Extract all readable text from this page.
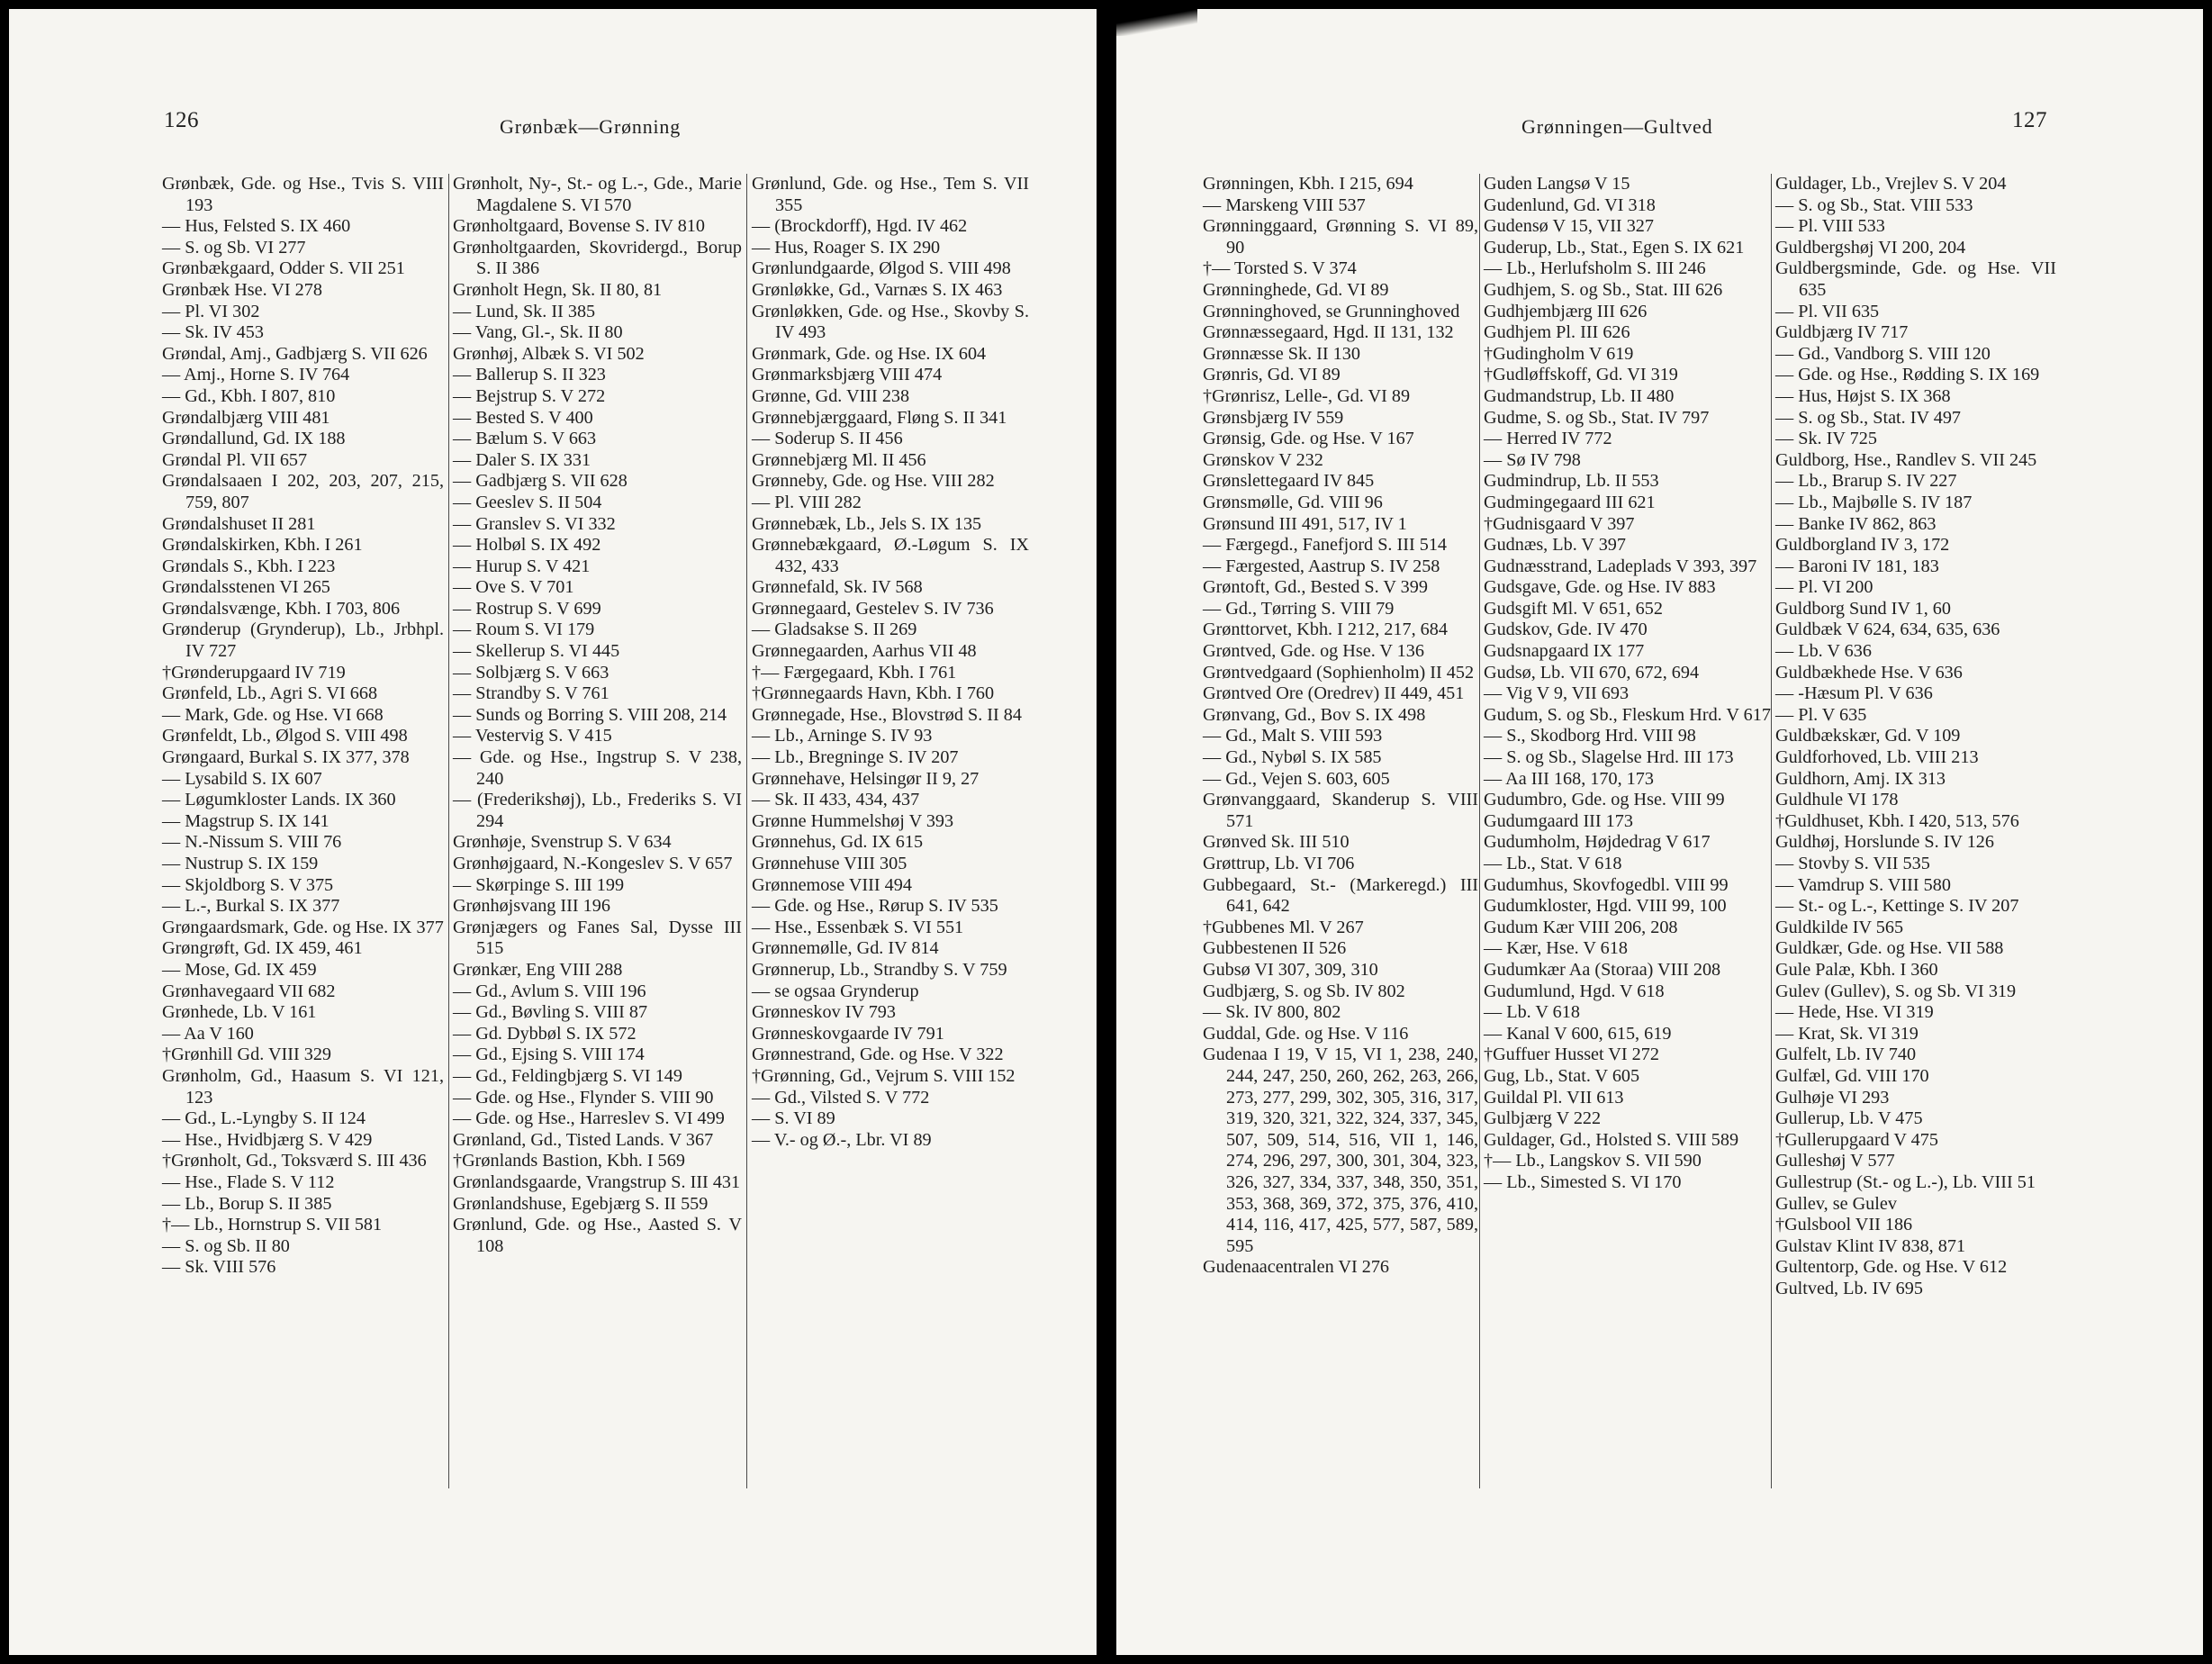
126	Grønbæk—Grønning
Grønbæk, Gde. og Hse., Tvis S. VIII 193
— Hus, Felsted S. IX 460
— S. og Sb. VI 277
Grønbækgaard, Odder S. VII 251
Grønbæk Hse. VI 278
— Pl. VI 302
— Sk. IV 453
Grøndal, Amj., Gadbjærg S. VII 626
— Amj., Horne S. IV 764
— Gd., Kbh. I 807, 810
Grøndalbjærg VIII 481
Grøndallund, Gd. IX 188
Grøndal Pl. VII 657
Grøndalsaaen I 202, 203, 207, 215, 759, 807
Grøndalshuset II 281
Grøndalskirken, Kbh. I 261
Grøndals S., Kbh. I 223
Grøndalsstenen VI 265
Grøndalsvænge, Kbh. I 703, 806
Grønderup (Grynderup), Lb., Jrbhpl. IV 727
†Grønderupgaard IV 719
Grønfeld, Lb., Agri S. VI 668
— Mark, Gde. og Hse. VI 668
Grønfeldt, Lb., Ølgod S. VIII 498
Grøngaard, Burkal S. IX 377, 378
— Lysabild S. IX 607
— Løgumkloster Lands. IX 360
— Magstrup S. IX 141
— N.-Nissum S. VIII 76
— Nustrup S. IX 159
— Skjoldborg S. V 375
— L.-, Burkal S. IX 377
Grøngaardsmark, Gde. og Hse. IX 377
Grøngrøft, Gd. IX 459, 461
— Mose, Gd. IX 459
Grønhavegaard VII 682
Grønhede, Lb. V 161
— Aa V 160
†Grønhill Gd. VIII 329
Grønholm, Gd., Haasum S. VI 121, 123
— Gd., L.-Lyngby S. II 124
— Hse., Hvidbjærg S. V 429
†Grønholt, Gd., Toksværd S. III 436
— Hse., Flade S. V 112
— Lb., Borup S. II 385
†— Lb., Hornstrup S. VII 581
— S. og Sb. II 80
— Sk. VIII 576
Grønholt, Ny-, St.- og L.-, Gde., Marie Magdalene S. VI 570
Grønholtgaard, Bovense S. IV 810
Grønholtgaarden, Skovridergd., Borup S. II 386
Grønholt Hegn, Sk. II 80, 81
— Lund, Sk. II 385
— Vang, Gl.-, Sk. II 80
Grønhøj, Albæk S. VI 502
— Ballerup S. II 323
— Bejstrup S. V 272
— Bested S. V 400
— Bælum S. V 663
— Daler S. IX 331
— Gadbjærg S. VII 628
— Geeslev S. II 504
— Granslev S. VI 332
— Holbøl S. IX 492
— Hurup S. V 421
— Ove S. V 701
— Rostrup S. V 699
— Roum S. VI 179
— Skellerup S. VI 445
— Solbjærg S. V 663
— Strandby S. V 761
— Sunds og Borring S. VIII 208, 214
— Vestervig S. V 415
— Gde. og Hse., Ingstrup S. V 238, 240
— (Frederikshøj), Lb., Frederiks S. VI 294
Grønhøje, Svenstrup S. V 634
Grønhøjgaard, N.-Kongeslev S. V 657
— Skørpinge S. III 199
Grønhøjsvang III 196
Grønjægers og Fanes Sal, Dysse III 515
Grønkær, Eng VIII 288
— Gd., Avlum S. VIII 196
— Gd., Bøvling S. VIII 87
— Gd. Dybbøl S. IX 572
— Gd., Ejsing S. VIII 174
— Gd., Feldingbjærg S. VI 149
— Gde. og Hse., Flynder S. VIII 90
— Gde. og Hse., Harreslev S. VI 499
Grønland, Gd., Tisted Lands. V 367
†Grønlands Bastion, Kbh. I 569
Grønlandsgaarde, Vrangstrup S. III 431
Grønlandshuse, Egebjærg S. II 559
Grønlund, Gde. og Hse., Aasted S. V 108
Grønlund, Gde. og Hse., Tem S. VII 355
— (Brockdorff), Hgd. IV 462
— Hus, Roager S. IX 290
Grønlundgaarde, Ølgod S. VIII 498
Grønløkke, Gd., Varnæs S. IX 463
Grønløkken, Gde. og Hse., Skovby S. IV 493
Grønmark, Gde. og Hse. IX 604
Grønmarksbjærg VIII 474
Grønne, Gd. VIII 238
Grønnebjærggaard, Fløng S. II 341
— Soderup S. II 456
Grønnebjærg Ml. II 456
Grønneby, Gde. og Hse. VIII 282
— Pl. VIII 282
Grønnebæk, Lb., Jels S. IX 135
Grønnebækgaard, Ø.-Løgum S. IX 432, 433
Grønnefald, Sk. IV 568
Grønnegaard, Gestelev S. IV 736
— Gladsakse S. II 269
Grønnegaarden, Aarhus VII 48
†— Færgegaard, Kbh. I 761
†Grønnegaards Havn, Kbh. I 760
Grønnegade, Hse., Blovstrød S. II 84
— Lb., Arninge S. IV 93
— Lb., Bregninge S. IV 207
Grønnehave, Helsingør II 9, 27
— Sk. II 433, 434, 437
Grønne Hummelshøj V 393
Grønnehus, Gd. IX 615
Grønnehuse VIII 305
Grønnemose VIII 494
— Gde. og Hse., Rørup S. IV 535
— Hse., Essenbæk S. VI 551
Grønnemølle, Gd. IV 814
Grønnerup, Lb., Strandby S. V 759
— se ogsaa Grynderup
Grønneskov IV 793
Grønneskovgaarde IV 791
Grønnestrand, Gde. og Hse. V 322
†Grønning, Gd., Vejrum S. VIII 152
— Gd., Vilsted S. V 772
— S. VI 89
— V.- og Ø.-, Lbr. VI 89
Grønningen—Gultved	127
Grønningen, Kbh. I 215, 694
— Marskeng VIII 537
Grønninggaard, Grønning S. VI 89, 90
†— Torsted S. V 374
Grønninghede, Gd. VI 89
Grønninghoved, se Grunninghoved
Grønnæssegaard, Hgd. II 131, 132
Grønnæsse Sk. II 130
Grønris, Gd. VI 89
†Grønrisz, Lelle-, Gd. VI 89
Grønsbjærg IV 559
Grønsig, Gde. og Hse. V 167
Grønskov V 232
Grønslettegaard IV 845
Grønsmølle, Gd. VIII 96
Grønsund III 491, 517, IV 1
— Færgegd., Fanefjord S. III 514
— Færgested, Aastrup S. IV 258
Grøntoft, Gd., Bested S. V 399
— Gd., Tørring S. VIII 79
Grønttorvet, Kbh. I 212, 217, 684
Grøntved, Gde. og Hse. V 136
Grøntvedgaard (Sophienholm) II 452
Grøntved Ore (Oredrev) II 449, 451
Grønvang, Gd., Bov S. IX 498
— Gd., Malt S. VIII 593
— Gd., Nybøl S. IX 585
— Gd., Vejen S. 603, 605
Grønvanggaard, Skanderup S. VIII 571
Grønved Sk. III 510
Grøttrup, Lb. VI 706
Gubbegaard, St.- (Markeregd.) III 641, 642
†Gubbenes Ml. V 267
Gubbestenen II 526
Gubsø VI 307, 309, 310
Gudbjærg, S. og Sb. IV 802
— Sk. IV 800, 802
Guddal, Gde. og Hse. V 116
Gudenaa I 19, V 15, VI 1, 238, 240, 244, 247, 250, 260, 262, 263, 266, 273, 277, 299, 302, 305, 316, 317, 319, 320, 321, 322, 324, 337, 345, 507, 509, 514, 516, VII 1, 146, 274, 296, 297, 300, 301, 304, 323, 326, 327, 334, 337, 348, 350, 351, 353, 368, 369, 372, 375, 376, 410, 414, 116, 417, 425, 577, 587, 589, 595
Gudenaacentralen VI 276
Guden Langsø V 15
Gudenlund, Gd. VI 318
Gudensø V 15, VII 327
Guderup, Lb., Stat., Egen S. IX 621
— Lb., Herlufsholm S. III 246
Gudhjem, S. og Sb., Stat. III 626
Gudhjembjærg III 626
Gudhjem Pl. III 626
†Gudingholm V 619
†Gudløffskoff, Gd. VI 319
Gudmandstrup, Lb. II 480
Gudme, S. og Sb., Stat. IV 797
— Herred IV 772
— Sø IV 798
Gudmindrup, Lb. II 553
Gudmingegaard III 621
†Gudnisgaard V 397
Gudnæs, Lb. V 397
Gudnæsstrand, Ladeplads V 393, 397
Gudsgave, Gde. og Hse. IV 883
Gudsgift Ml. V 651, 652
Gudskov, Gde. IV 470
Gudsnapgaard IX 177
Gudsø, Lb. VII 670, 672, 694
— Vig V 9, VII 693
Gudum, S. og Sb., Fleskum Hrd. V 617
— S., Skodborg Hrd. VIII 98
— S. og Sb., Slagelse Hrd. III 173
— Aa III 168, 170, 173
Gudumbro, Gde. og Hse. VIII 99
Gudumgaard III 173
Gudumholm, Højdedrag V 617
— Lb., Stat. V 618
Gudumhus, Skovfogedbl. VIII 99
Gudumkloster, Hgd. VIII 99, 100
Gudum Kær VIII 206, 208
— Kær, Hse. V 618
Gudumkær Aa (Storaa) VIII 208
Gudumlund, Hgd. V 618
— Lb. V 618
— Kanal V 600, 615, 619
†Guffuer Husset VI 272
Gug, Lb., Stat. V 605
Guildal Pl. VII 613
Gulbjærg V 222
Guldager, Gd., Holsted S. VIII 589
†— Lb., Langskov S. VII 590
— Lb., Simested S. VI 170
Guldager, Lb., Vrejlev S. V 204
— S. og Sb., Stat. VIII 533
— Pl. VIII 533
Guldbergshøj VI 200, 204
Guldbergsminde, Gde. og Hse. VII 635
— Pl. VII 635
Guldbjærg IV 717
— Gd., Vandborg S. VIII 120
— Gde. og Hse., Rødding S. IX 169
— Hus, Højst S. IX 368
— S. og Sb., Stat. IV 497
— Sk. IV 725
Guldborg, Hse., Randlev S. VII 245
— Lb., Brarup S. IV 227
— Lb., Majbølle S. IV 187
— Banke IV 862, 863
Guldborgland IV 3, 172
— Baroni IV 181, 183
— Pl. VI 200
Guldborg Sund IV 1, 60
Guldbæk V 624, 634, 635, 636
— Lb. V 636
Guldbækhede Hse. V 636
— -Hæsum Pl. V 636
— Pl. V 635
Guldbækskær, Gd. V 109
Guldforhoved, Lb. VIII 213
Guldhorn, Amj. IX 313
Guldhule VI 178
†Guldhuset, Kbh. I 420, 513, 576
Guldhøj, Horslunde S. IV 126
— Stovby S. VII 535
— Vamdrup S. VIII 580
— St.- og L.-, Kettinge S. IV 207
Guldkilde IV 565
Guldkær, Gde. og Hse. VII 588
Gule Palæ, Kbh. I 360
Gulev (Gullev), S. og Sb. VI 319
— Hede, Hse. VI 319
— Krat, Sk. VI 319
Gulfelt, Lb. IV 740
Gulfæl, Gd. VIII 170
Gulhøje VI 293
Gullerup, Lb. V 475
†Gullerupgaard V 475
Gulleshøj V 577
Gullestrup (St.- og L.-), Lb. VIII 51
Gullev, se Gulev
†Gulsbool VII 186
Gulstav Klint IV 838, 871
Gultentorp, Gde. og Hse. V 612
Gultved, Lb. IV 695
